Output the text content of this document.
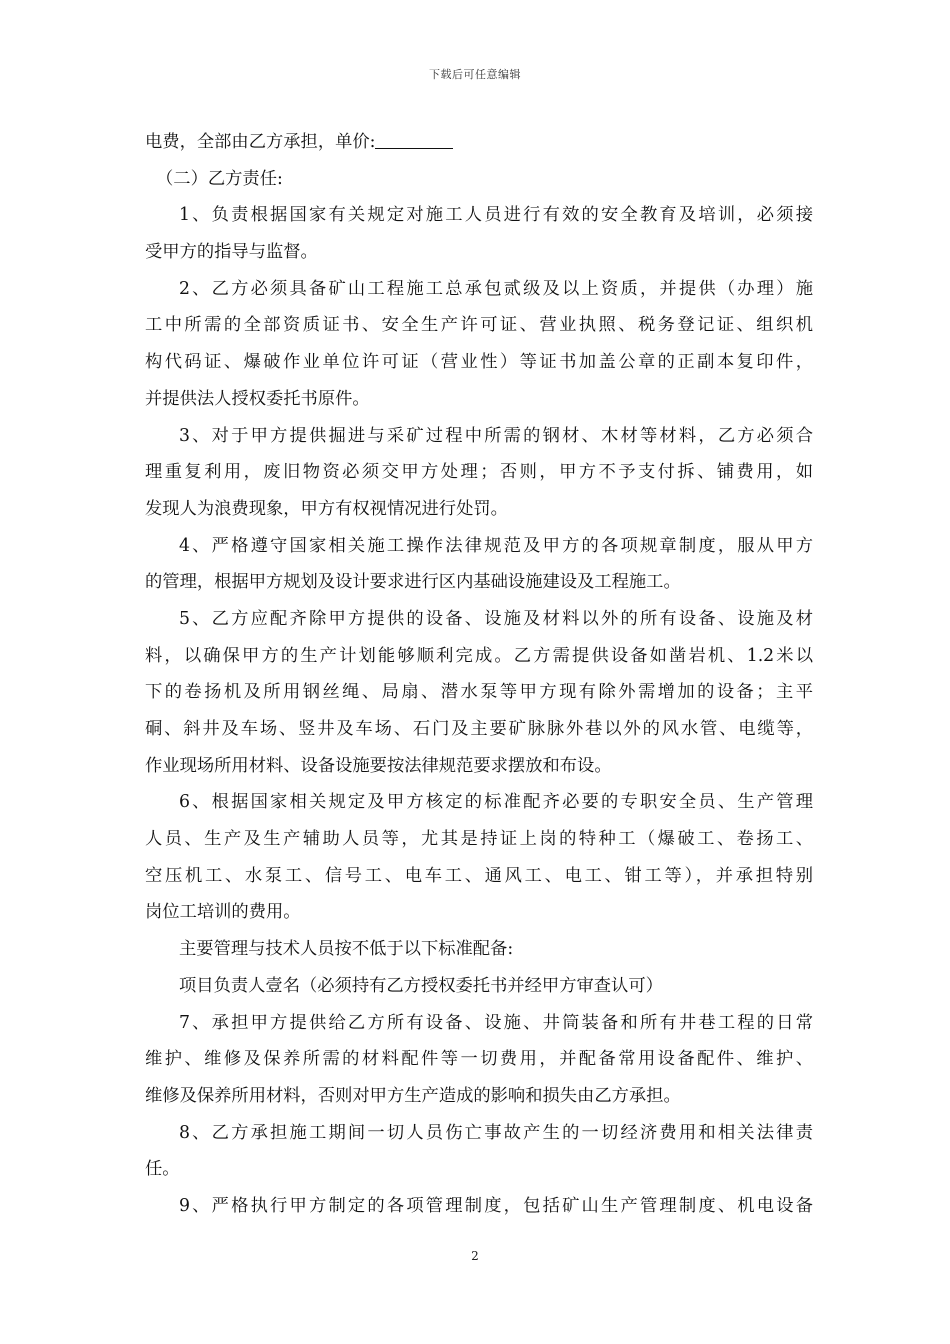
下载后可任意编辑
电费，全部由乙方承担，单价:
（二）乙方责任:
1、负责根据国家有关规定对施工人员进行有效的安全教育及培训，必须接
受甲方的指导与监督。
2、乙方必须具备矿山工程施工总承包贰级及以上资质，并提供（办理）施
工中所需的全部资质证书、安全生产许可证、营业执照、税务登记证、组织机
构代码证、爆破作业单位许可证（营业性）等证书加盖公章的正副本复印件，
并提供法人授权委托书原件。
3、对于甲方提供掘进与采矿过程中所需的钢材、木材等材料，乙方必须合
理重复利用，废旧物资必须交甲方处理；否则，甲方不予支付拆、铺费用，如
发现人为浪费现象，甲方有权视情况进行处罚。
4、严格遵守国家相关施工操作法律规范及甲方的各项规章制度，服从甲方
的管理，根据甲方规划及设计要求进行区内基础设施建设及工程施工。
5、乙方应配齐除甲方提供的设备、设施及材料以外的所有设备、设施及材
料，以确保甲方的生产计划能够顺利完成。乙方需提供设备如凿岩机、1.2米以
下的卷扬机及所用钢丝绳、局扇、潜水泵等甲方现有除外需增加的设备；主平
硐、斜井及车场、竖井及车场、石门及主要矿脉脉外巷以外的风水管、电缆等，
作业现场所用材料、设备设施要按法律规范要求摆放和布设。
6、根据国家相关规定及甲方核定的标准配齐必要的专职安全员、生产管理
人员、生产及生产辅助人员等，尤其是持证上岗的特种工（爆破工、卷扬工、
空压机工、水泵工、信号工、电车工、通风工、电工、钳工等），并承担特别
岗位工培训的费用。
主要管理与技术人员按不低于以下标准配备:
项目负责人壹名（必须持有乙方授权委托书并经甲方审查认可）
7、承担甲方提供给乙方所有设备、设施、井筒装备和所有井巷工程的日常
维护、维修及保养所需的材料配件等一切费用，并配备常用设备配件、维护、
维修及保养所用材料，否则对甲方生产造成的影响和损失由乙方承担。
8、乙方承担施工期间一切人员伤亡事故产生的一切经济费用和相关法律责
任。
9、严格执行甲方制定的各项管理制度，包括矿山生产管理制度、机电设备
2
